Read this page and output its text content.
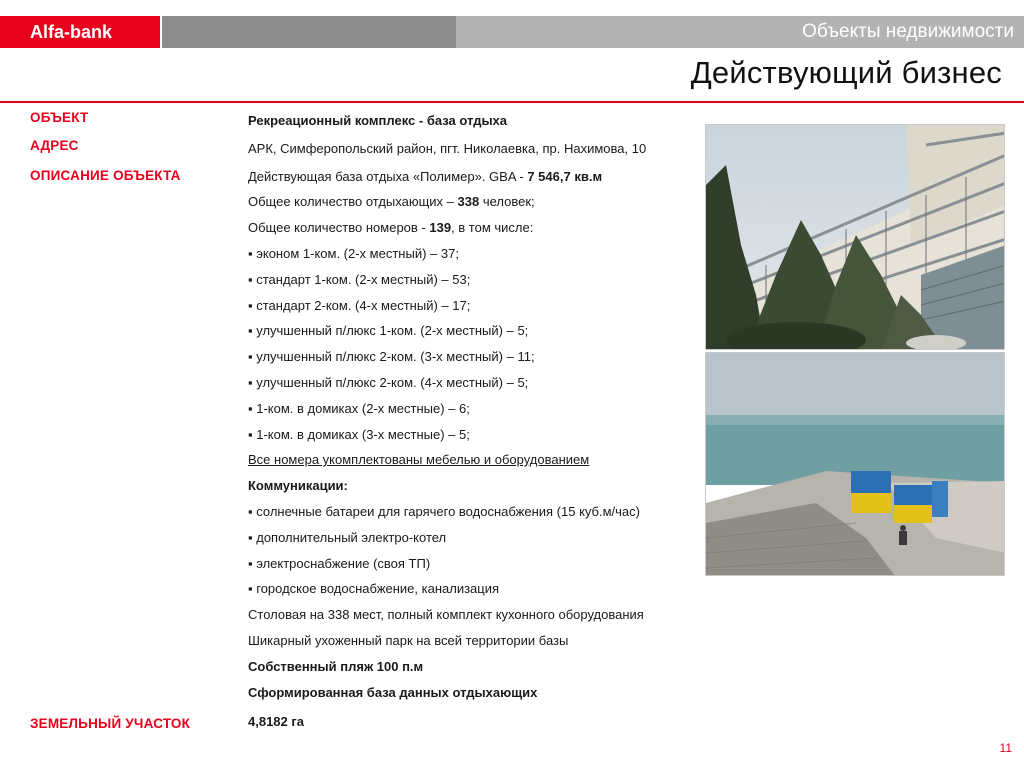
Alfa-bank	Объекты недвижимости
Действующий бизнес
ОБЪЕКТ
АДРЕС
ОПИСАНИЕ ОБЪЕКТА
ЗЕМЕЛЬНЫЙ УЧАСТОК
Рекреационный комплекс - база отдыха
АРК, Симферопольский район, пгт. Николаевка, пр. Нахимова, 10
Действующая база отдыха «Полимер». GBA - 7 546,7 кв.м
Общее количество отдыхающих – 338 человек;
Общее количество номеров - 139, в том числе:
▪ эконом 1-ком. (2-х местный) – 37;
▪ стандарт 1-ком. (2-х местный) – 53;
▪ стандарт 2-ком. (4-х местный) – 17;
▪ улучшенный п/люкс 1-ком. (2-х местный) – 5;
▪ улучшенный п/люкс 2-ком. (3-х местный) – 11;
▪ улучшенный п/люкс 2-ком. (4-х местный) – 5;
▪ 1-ком. в домиках (2-х местные) – 6;
▪ 1-ком. в домиках (3-х местные) – 5;
Все номера укомплектованы мебелью и оборудованием
Коммуникации:
▪ солнечные батареи для гарячего водоснабжения (15 куб.м/час)
▪ дополнительный электро-котел
▪ электроснабжение (своя ТП)
▪ городское водоснабжение, канализация
Столовая на 338 мест, полный комплект кухонного оборудования
Шикарный ухоженный парк на всей территории базы
Собственный пляж 100 п.м
Сформированная база данных отдыхающих
4,8182 га
11
